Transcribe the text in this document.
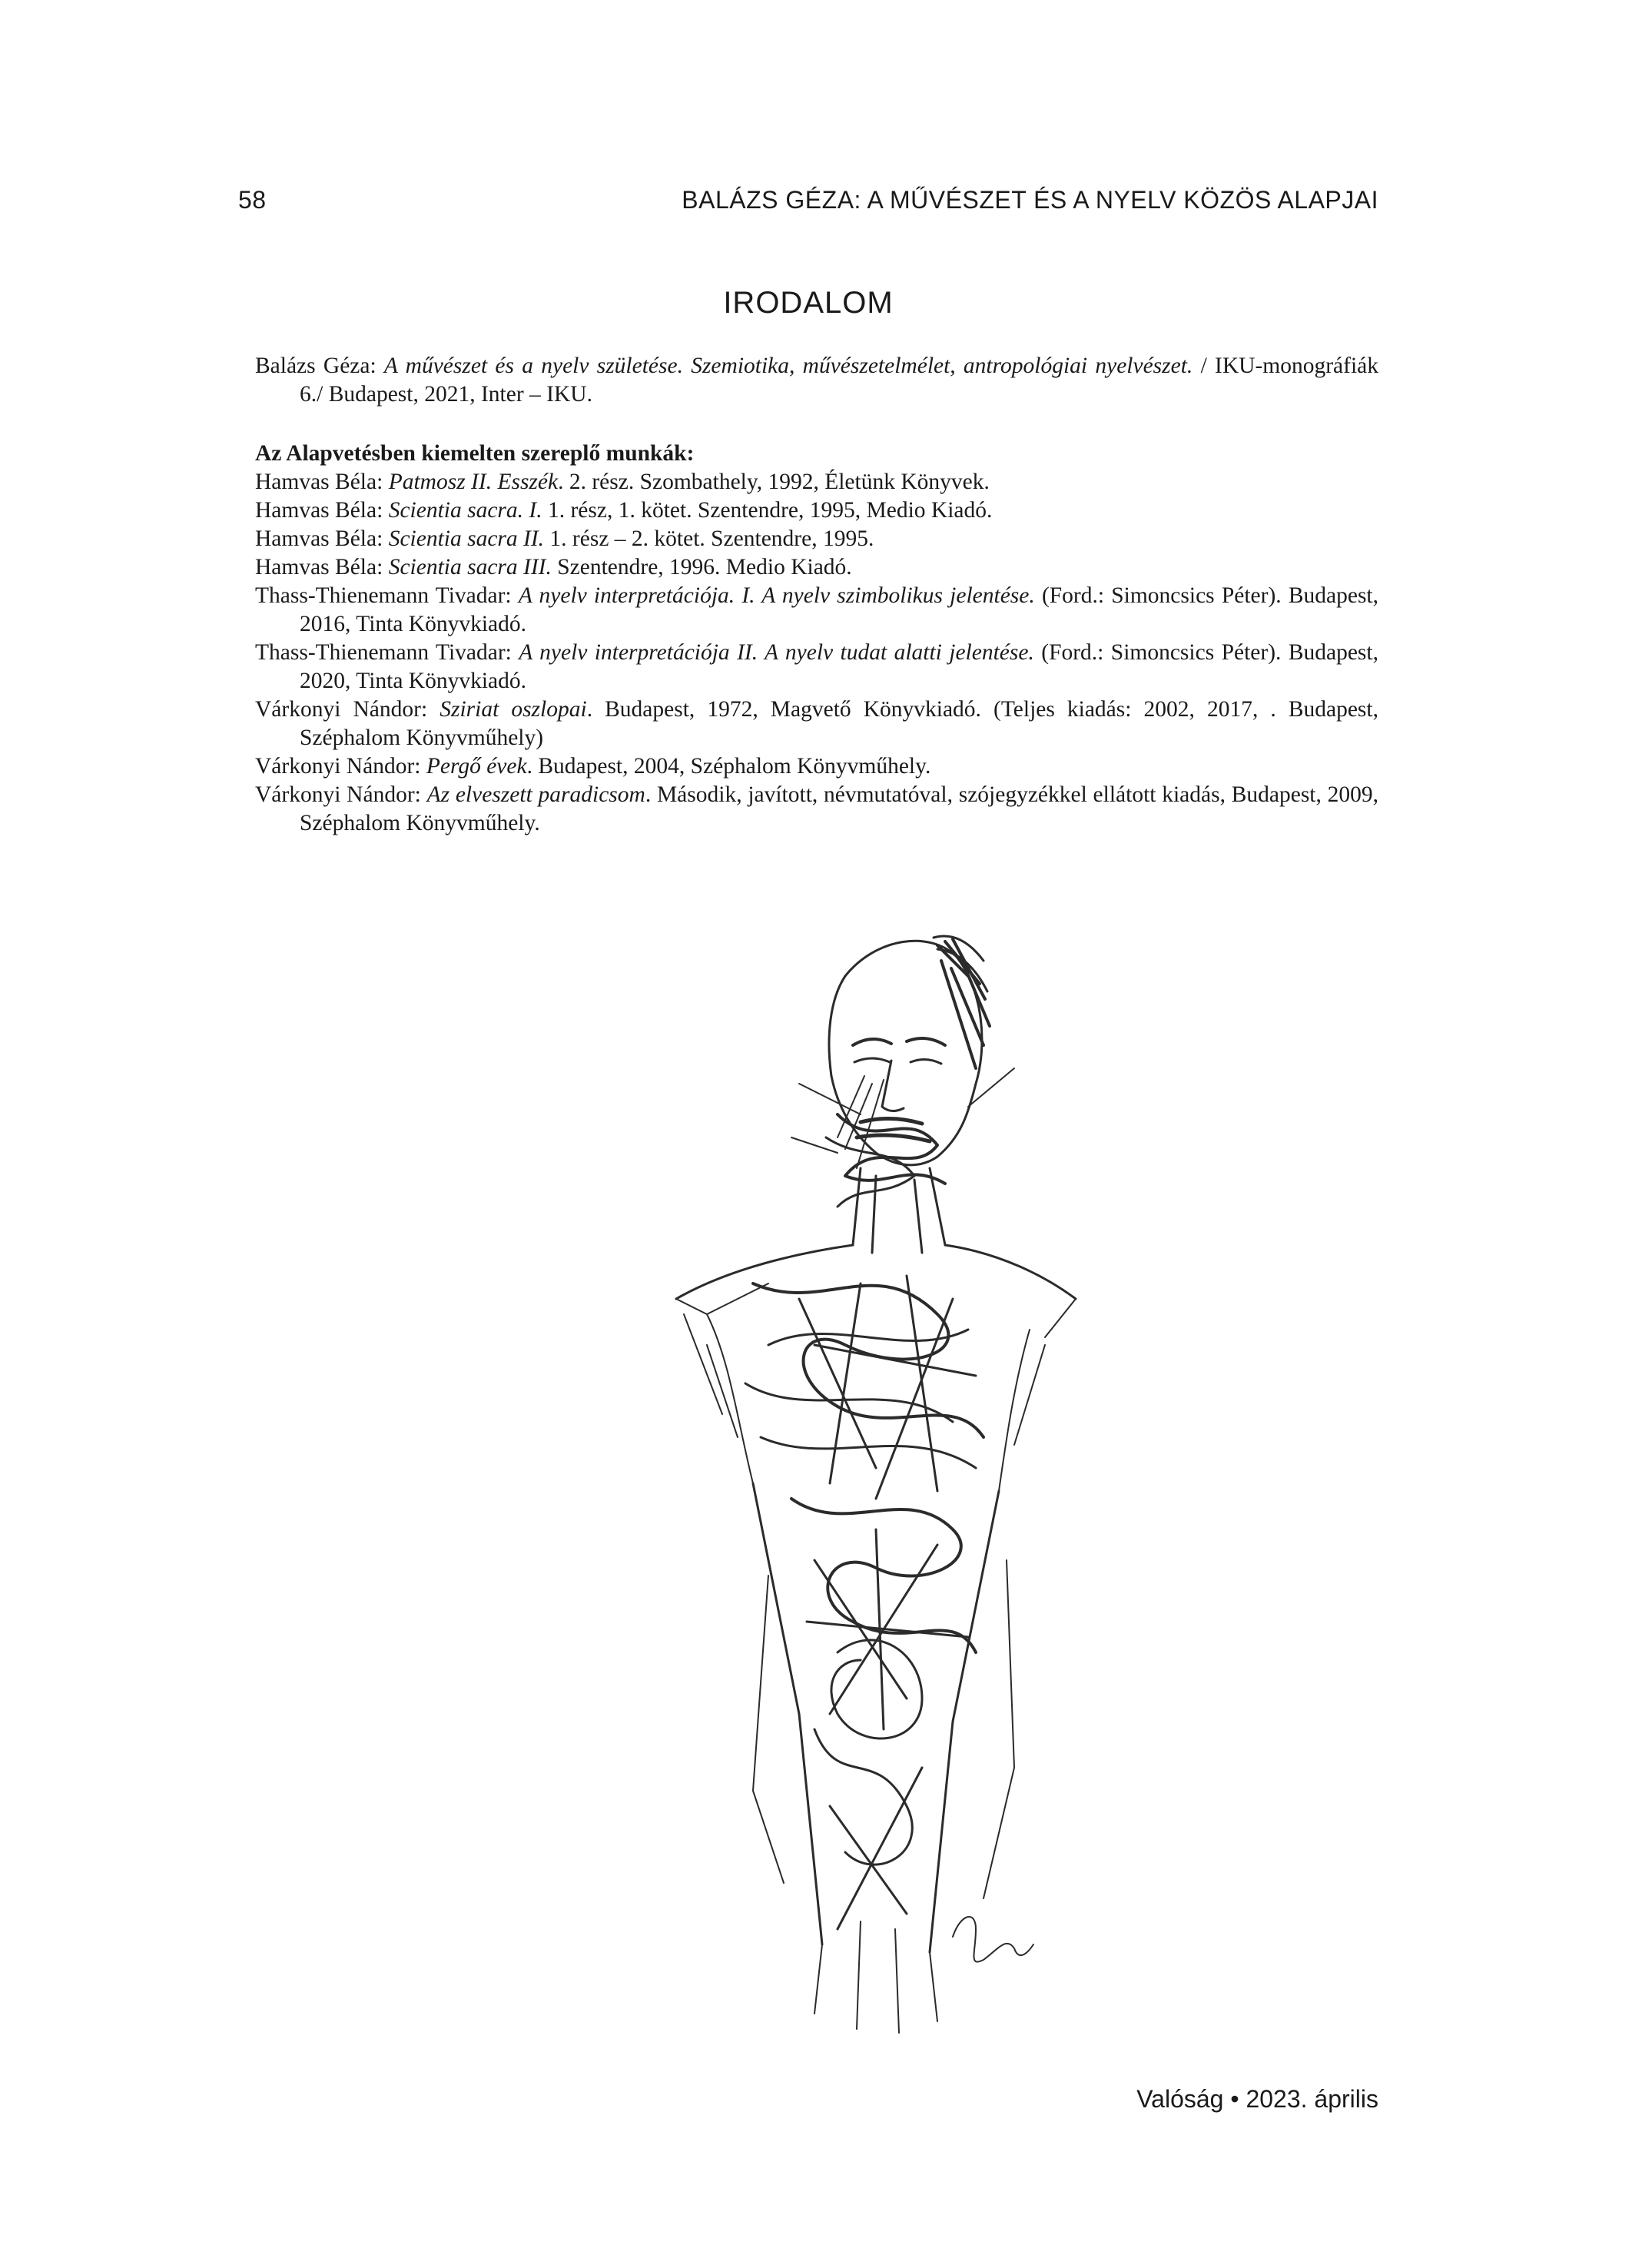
58	BALÁZS GÉZA: A MŰVÉSZET ÉS A NYELV KÖZÖS ALAPJAI
IRODALOM

Balázs Géza: A művészet és a nyelv születése. Szemiotika, művészetelmélet, antropológiai nyelvészet. / IKU-monográfiák 6./ Budapest, 2021, Inter – IKU.

Az Alapvetésben kiemelten szereplő munkák:

Hamvas Béla: Patmosz II. Esszék. 2. rész. Szombathely, 1992, Életünk Könyvek.

Hamvas Béla: Scientia sacra. I. 1. rész, 1. kötet. Szentendre, 1995, Medio Kiadó.

Hamvas Béla: Scientia sacra II. 1. rész – 2. kötet. Szentendre, 1995.

Hamvas Béla: Scientia sacra III. Szentendre, 1996. Medio Kiadó.

Thass-Thienemann Tivadar: A nyelv interpretációja. I. A nyelv szimbolikus jelentése. (Ford.: Simoncsics Péter). Budapest, 2016, Tinta Könyvkiadó.

Thass-Thienemann Tivadar: A nyelv interpretációja II. A nyelv tudat alatti jelentése. (Ford.: Simoncsics Péter). Budapest, 2020, Tinta Könyvkiadó.

Várkonyi Nándor: Sziriat oszlopai. Budapest, 1972, Magvető Könyvkiadó. (Teljes kiadás: 2002, 2017, . Budapest, Széphalom Könyvműhely)

Várkonyi Nándor: Pergő évek. Budapest, 2004, Széphalom Könyvműhely.

Várkonyi Nándor: Az elveszett paradicsom. Második, javított, névmutatóval, szójegyzékkel ellátott kiadás, Budapest, 2009, Széphalom Könyvműhely.

Valóság • 2023. április
